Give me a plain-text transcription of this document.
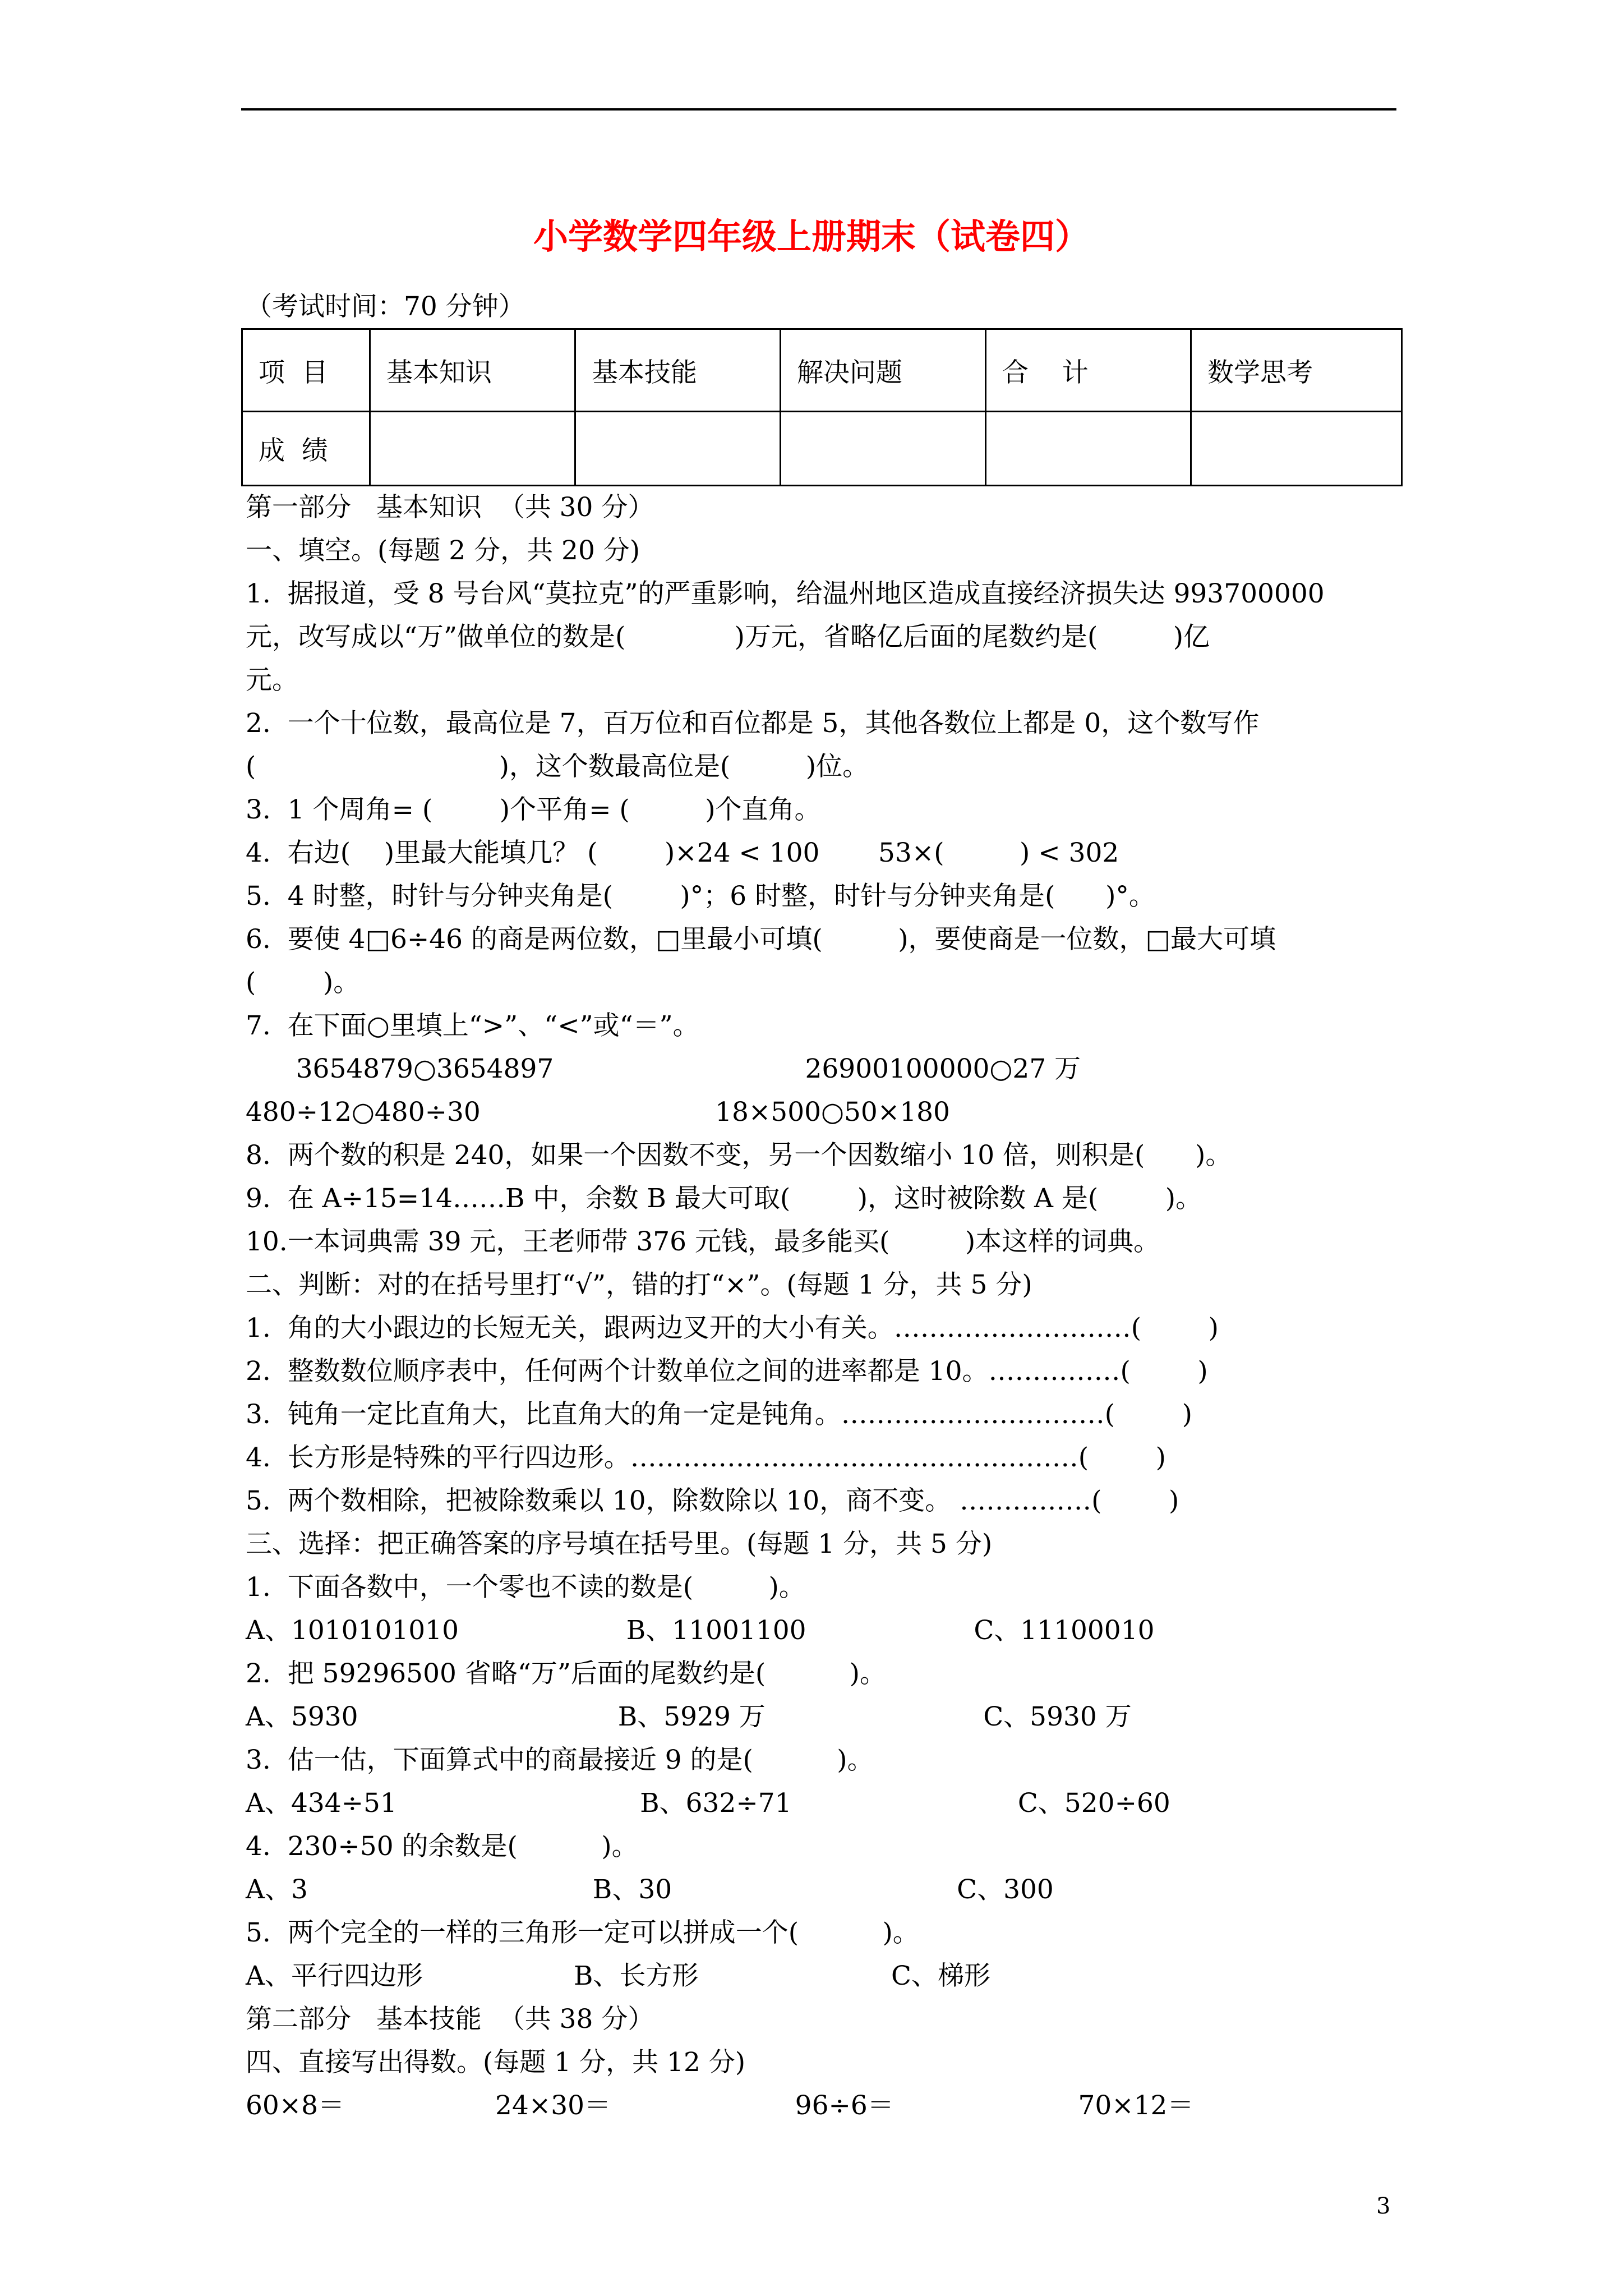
小学数学四年级上册期末（试卷四）
（考试时间：70 分钟）
项  目	基本知识	基本技能	解决问题	合    计	数学思考
成  绩					
第一部分   基本知识  （共 30 分）
一、填空。(每题 2 分，共 20 分)
1.  据报道，受 8 号台风“莫拉克”的严重影响，给温州地区造成直接经济损失达 993700000
元，改写成以“万”做单位的数是(             )万元，省略亿后面的尾数约是(         )亿
元。
2.  一个十位数，最高位是 7，百万位和百位都是 5，其他各数位上都是 0，这个数写作
(                             )，这个数最高位是(         )位。
3.  1 个周角= (        )个平角= (         )个直角。
4.  右边(    )里最大能填几？ (        )×24 < 100       53×(         ) < 302
5.  4 时整，时针与分钟夹角是(        )°；6 时整，时针与分钟夹角是(      )°。
6.  要使 4□6÷46 的商是两位数，□里最小可填(         )，要使商是一位数，□最大可填
(        )。
7.  在下面○里填上“>”、“<”或“＝”。
3654879○3654897                              26900100000○27 万
480÷12○480÷30                            18×500○50×180
8.  两个数的积是 240，如果一个因数不变，另一个因数缩小 10 倍，则积是(      )。
9.  在 A÷15=14……B 中，余数 B 最大可取(        )，这时被除数 A 是(        )。
10.一本词典需 39 元，王老师带 376 元钱，最多能买(         )本这样的词典。
二、判断：对的在括号里打“√”，错的打“×”。(每题 1 分，共 5 分)
1.  角的大小跟边的长短无关，跟两边叉开的大小有关。………………………(        )
2.  整数数位顺序表中，任何两个计数单位之间的进率都是 10。……………(        )
3.  钝角一定比直角大，比直角大的角一定是钝角。…………………………(        )
4.  长方形是特殊的平行四边形。……………………………………………(        )
5.  两个数相除，把被除数乘以 10，除数除以 10，商不变。 ……………(        )
三、选择：把正确答案的序号填在括号里。(每题 1 分，共 5 分)
1.  下面各数中，一个零也不读的数是(         )。
A、1010101010                    B、11001100                    C、11100010
2.  把 59296500 省略“万”后面的尾数约是(          )。
A、5930                               B、5929 万                          C、5930 万
3.  估一估，下面算式中的商最接近 9 的是(          )。
A、434÷51                             B、632÷71                           C、520÷60
4.  230÷50 的余数是(          )。
A、3                                  B、30                                  C、300
5.  两个完全的一样的三角形一定可以拼成一个(          )。
A、平行四边形                  B、长方形                       C、梯形
第二部分   基本技能  （共 38 分）
四、直接写出得数。(每题 1 分，共 12 分)
60×8＝                  24×30＝                      96÷6＝                      70×12＝
3
